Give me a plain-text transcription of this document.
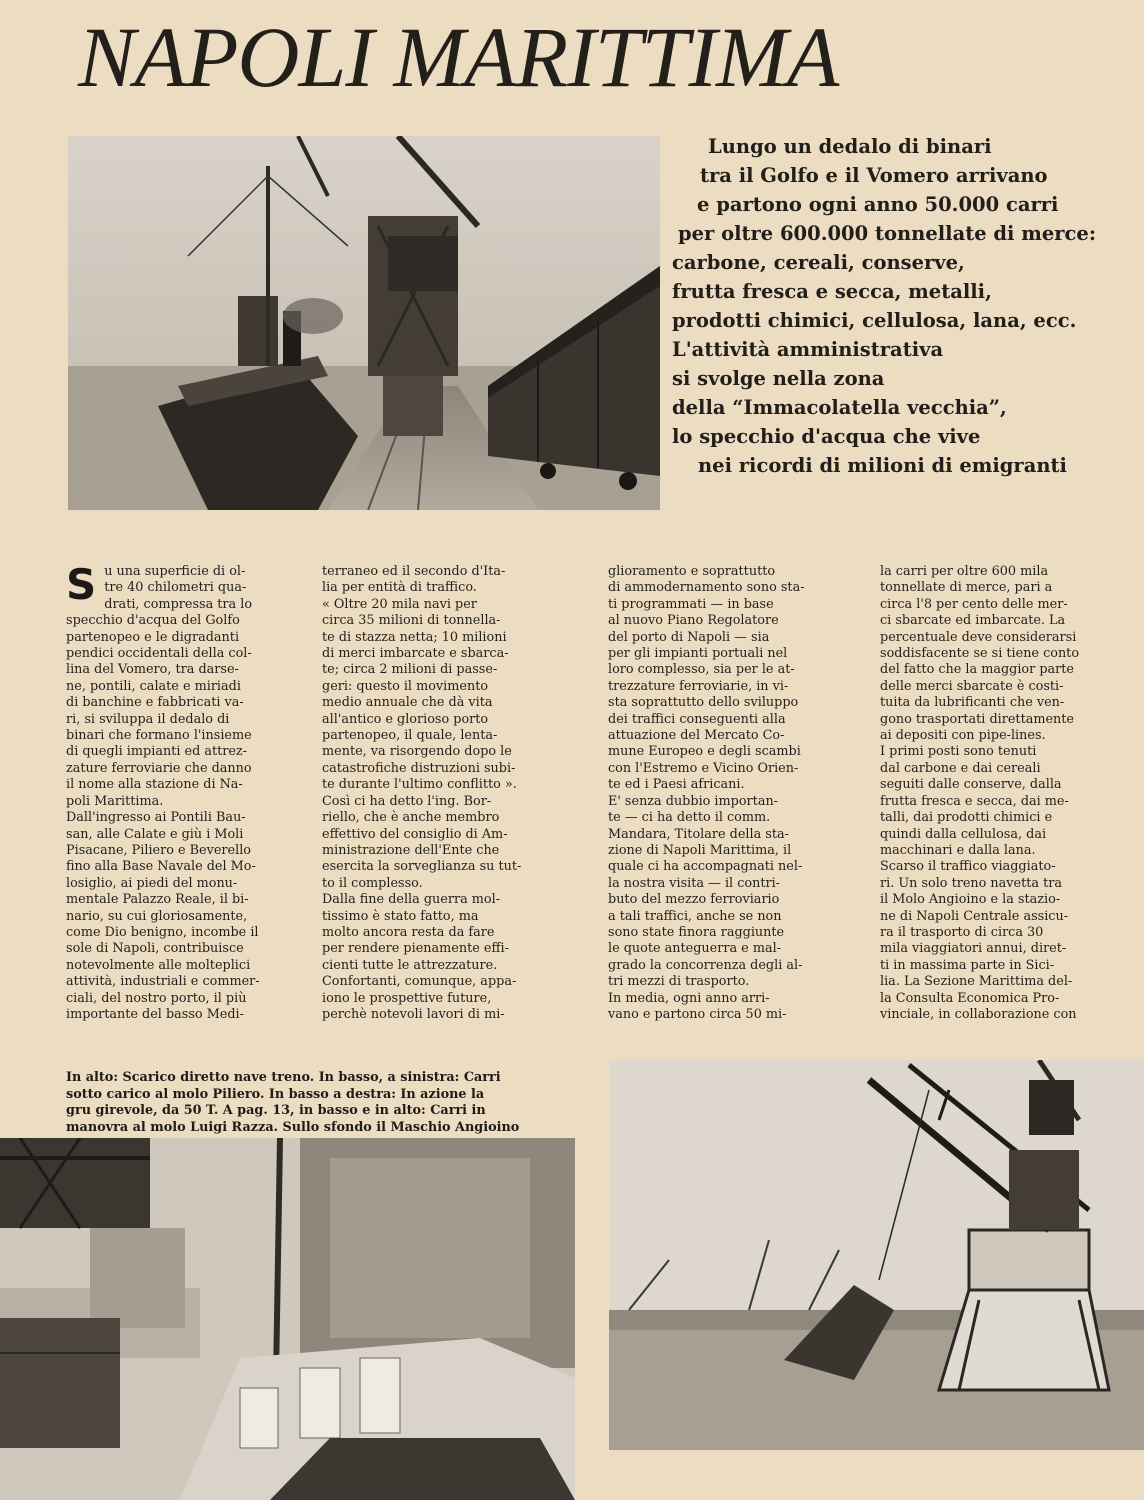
NAPOLI MARITTIMA

Lungo un dedalo di binari
tra il Golfo e il Vomero arrivano
e partono ogni anno 50.000 carri
per oltre 600.000 tonnellate di merce:
carbone, cereali, conserve,
frutta fresca e secca, metalli,
prodotti chimici, cellulosa, lana, ecc.
L'attività amministrativa
si svolge nella zona
della “Immacolatella vecchia”,
lo specchio d'acqua che vive
nei ricordi di milioni di emigranti
S u una superficie di ol-
tre 40 chilometri qua-
drati, compressa tra lo
specchio d'acqua del Golfo
partenopeo e le digradanti
pendici occidentali della col-
lina del Vomero, tra darse-
ne, pontili, calate e miriadi
di banchine e fabbricati va-
ri, si sviluppa il dedalo di
binari che formano l'insieme
di quegli impianti ed attrez-
zature ferroviarie che danno
il nome alla stazione di Na-
poli Marittima.
Dall'ingresso ai Pontili Bau-
san, alle Calate e giù i Moli
Pisacane, Piliero e Beverello
fino alla Base Navale del Mo-
losiglio, ai piedi del monu-
mentale Palazzo Reale, il bi-
nario, su cui gloriosamente,
come Dio benigno, incombe il
sole di Napoli, contribuisce
notevolmente alle molteplici
attività, industriali e commer-
ciali, del nostro porto, il più
importante del basso Medi-
terraneo ed il secondo d'Ita-
lia per entità di traffico.
« Oltre 20 mila navi per
circa 35 milioni di tonnella-
te di stazza netta; 10 milioni
di merci imbarcate e sbarca-
te; circa 2 milioni di passe-
geri: questo il movimento
medio annuale che dà vita
all'antico e glorioso porto
partenopeo, il quale, lenta-
mente, va risorgendo dopo le
catastrofiche distruzioni subi-
te durante l'ultimo conflitto ».
Così ci ha detto l'ing. Bor-
riello, che è anche membro
effettivo del consiglio di Am-
ministrazione dell'Ente che
esercita la sorveglianza su tut-
to il complesso.
Dalla fine della guerra mol-
tissimo è stato fatto, ma
molto ancora resta da fare
per rendere pienamente effi-
cienti tutte le attrezzature.
Confortanti, comunque, appa-
iono le prospettive future,
perchè notevoli lavori di mi-
glioramento e soprattutto
di ammodernamento sono sta-
ti programmati — in base
al nuovo Piano Regolatore
del porto di Napoli — sia
per gli impianti portuali nel
loro complesso, sia per le at-
trezzature ferroviarie, in vi-
sta soprattutto dello sviluppo
dei traffici conseguenti alla
attuazione del Mercato Co-
mune Europeo e degli scambi
con l'Estremo e Vicino Orien-
te ed i Paesi africani.
E' senza dubbio importan-
te — ci ha detto il comm.
Mandara, Titolare della sta-
zione di Napoli Marittima, il
quale ci ha accompagnati nel-
la nostra visita — il contri-
buto del mezzo ferroviario
a tali traffici, anche se non
sono state finora raggiunte
le quote anteguerra e mal-
grado la concorrenza degli al-
tri mezzi di trasporto.
In media, ogni anno arri-
vano e partono circa 50 mi-
la carri per oltre 600 mila
tonnellate di merce, pari a
circa l'8 per cento delle mer-
ci sbarcate ed imbarcate. La
percentuale deve considerarsi
soddisfacente se si tiene conto
del fatto che la maggior parte
delle merci sbarcate è costi-
tuita da lubrificanti che ven-
gono trasportati direttamente
ai depositi con pipe-lines.
I primi posti sono tenuti
dal carbone e dai cereali
seguiti dalle conserve, dalla
frutta fresca e secca, dai me-
talli, dai prodotti chimici e
quindi dalla cellulosa, dai
macchinari e dalla lana.
Scarso il traffico viaggiato-
ri. Un solo treno navetta tra
il Molo Angioino e la stazio-
ne di Napoli Centrale assicu-
ra il trasporto di circa 30
mila viaggiatori annui, diret-
ti in massima parte in Sici-
lia. La Sezione Marittima del-
la Consulta Economica Pro-
vinciale, in collaborazione con
In alto: Scarico diretto nave treno. In basso, a sinistra: Carri
sotto carico al molo Piliero. In basso a destra: In azione la
gru girevole, da 50 T. A pag. 13, in basso e in alto: Carri in
manovra al molo Luigi Razza. Sullo sfondo il Maschio Angioino
